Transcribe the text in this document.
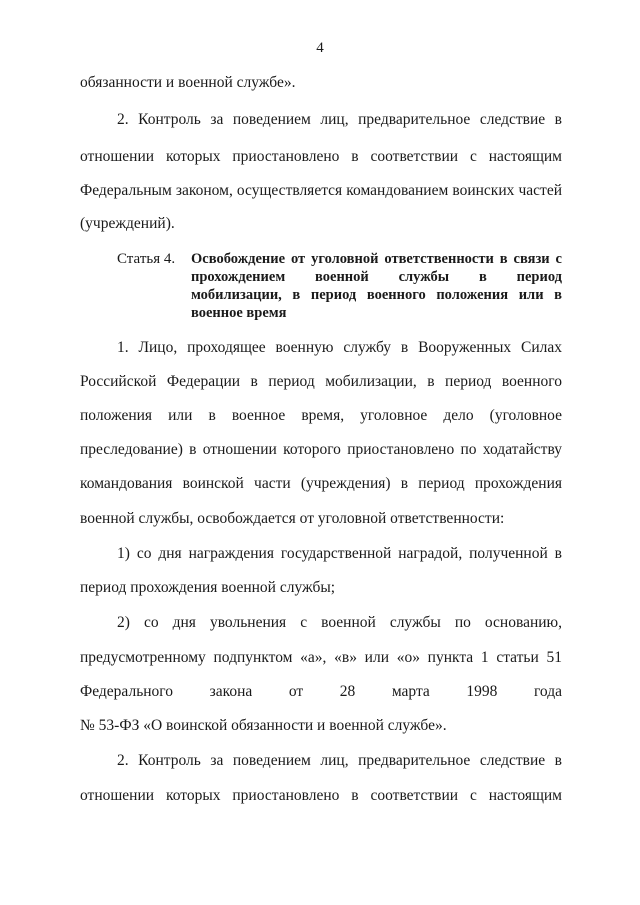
4
обязанности и военной службе».
2. Контроль за поведением лиц, предварительное следствие в
отношении которых приостановлено в соответствии с настоящим
Федеральным законом, осуществляется командованием воинских частей
(учреждений).
Статья 4. Освобождение от уголовной ответственности в связи с
прохождением военной службы в период
мобилизации, в период военного положения или в
военное время
1. Лицо, проходящее военную службу в Вооруженных Силах
Российской Федерации в период мобилизации, в период военного
положения или в военное время, уголовное дело (уголовное
преследование) в отношении которого приостановлено по ходатайству
командования воинской части (учреждения) в период прохождения
военной службы, освобождается от уголовной ответственности:
1) со дня награждения государственной наградой, полученной в
период прохождения военной службы;
2) со дня увольнения с военной службы по основанию,
предусмотренному подпунктом «а», «в» или «о» пункта 1 статьи 51
Федерального закона от 28 марта 1998 года
№ 53-ФЗ «О воинской обязанности и военной службе».
2. Контроль за поведением лиц, предварительное следствие в
отношении которых приостановлено в соответствии с настоящим
